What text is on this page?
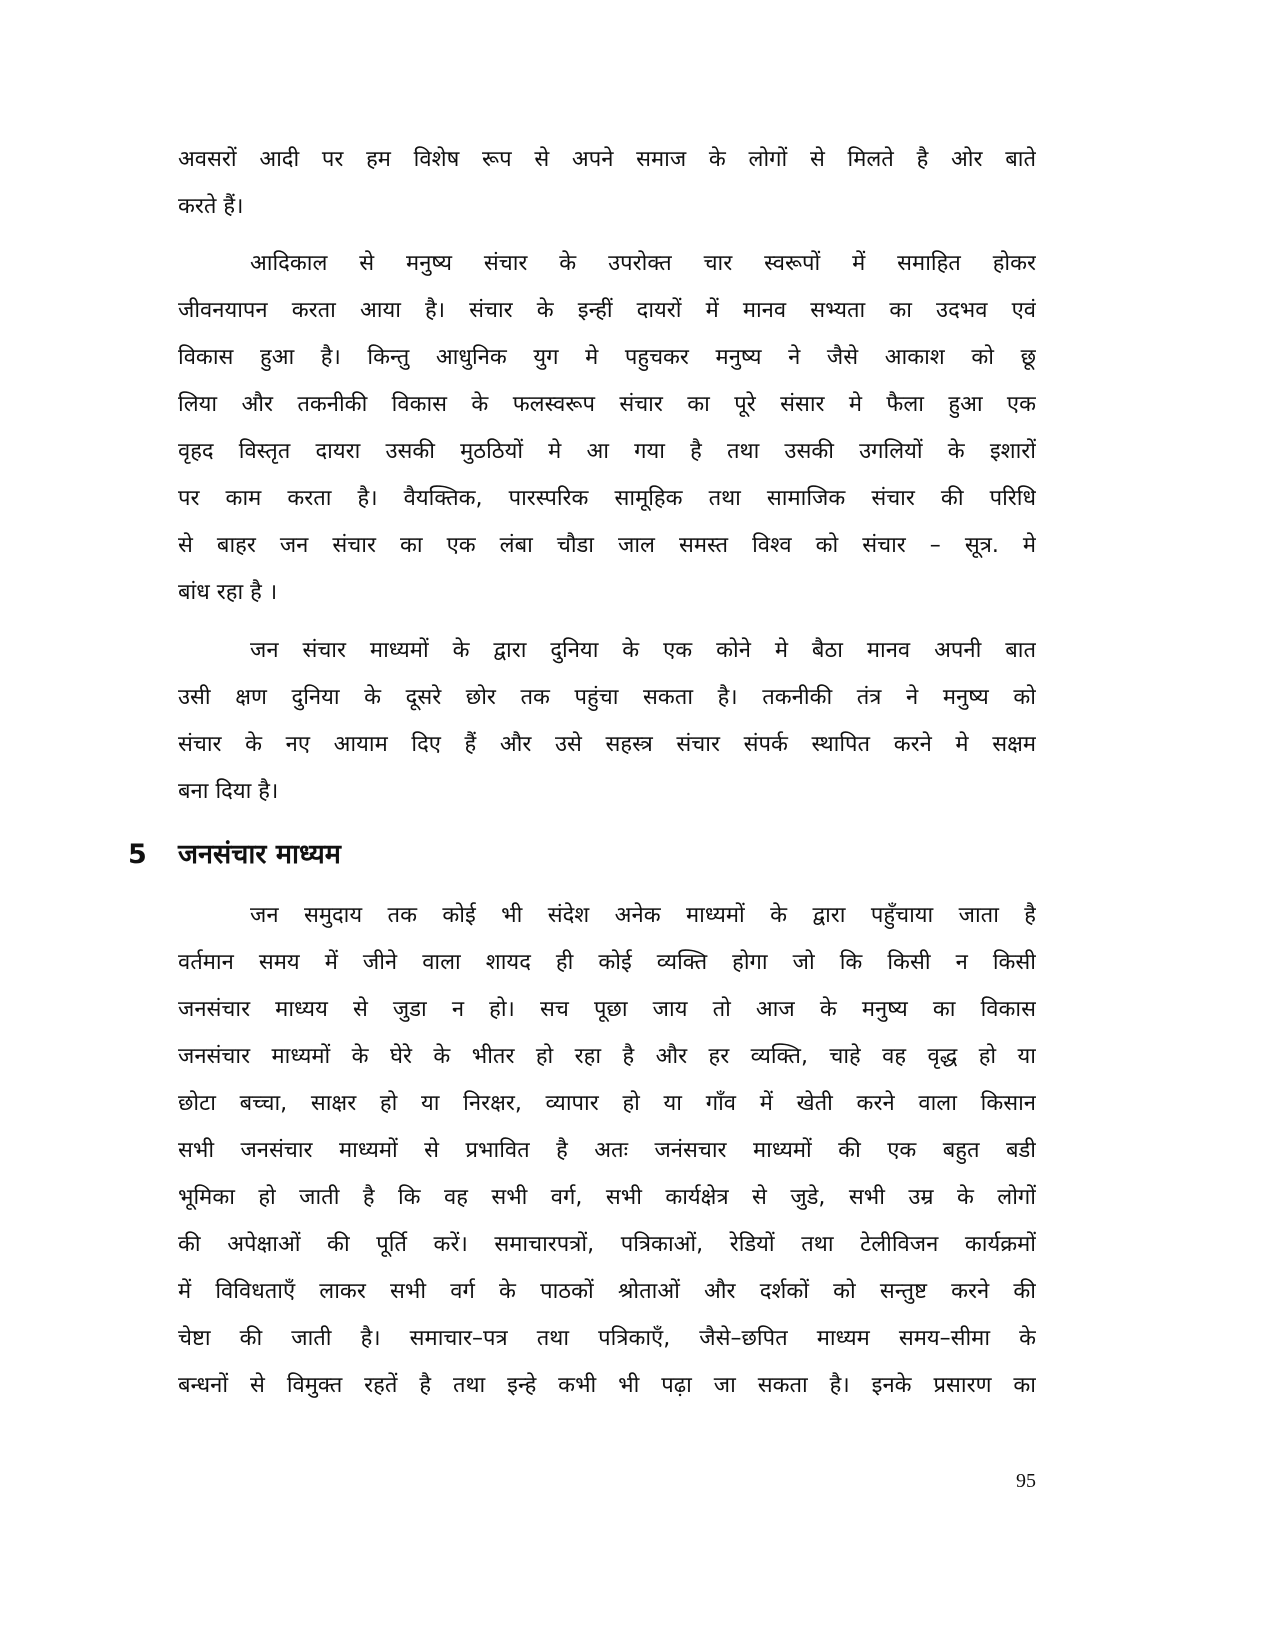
अवसरों आदी पर हम विशेष रूप से अपने समाज के लोगों से मिलते है ओर बाते
करते हैं।
आदिकाल से मनुष्य संचार के उपरोक्त चार स्वरूपों में समाहित होकर
जीवनयापन करता आया है। संचार के इन्हीं दायरों में मानव सभ्यता का उदभव एवं
विकास हुआ है। किन्तु आधुनिक युग मे पहुचकर मनुष्य ने जैसे आकाश को छू
लिया और तकनीकी विकास के फलस्वरूप संचार का पूरे संसार मे फैला हुआ एक
वृहद विस्तृत दायरा उसकी मुठठियों मे आ गया है तथा उसकी उगलियों के इशारों
पर काम करता है। वैयक्तिक, पारस्परिक सामूहिक तथा सामाजिक संचार की परिधि
से बाहर जन संचार का एक लंबा चौडा जाल समस्त विश्व को संचार – सूत्र. मे
बांध रहा है ।
जन संचार माध्यमों के द्वारा दुनिया के एक कोने मे बैठा मानव अपनी बात
उसी क्षण दुनिया के दूसरे छोर तक पहुंचा सकता है। तकनीकी तंत्र ने मनुष्य को
संचार के नए आयाम दिए हैं और उसे सहस्त्र संचार संपर्क स्थापित करने मे सक्षम
बना दिया है।
5 जनसंचार माध्यम
जन समुदाय तक कोई भी संदेश अनेक माध्यमों के द्वारा पहुँचाया जाता है
वर्तमान समय में जीने वाला शायद ही कोई व्यक्ति होगा जो कि किसी न किसी
जनसंचार माध्यय से जुडा न हो। सच पूछा जाय तो आज के मनुष्य का विकास
जनसंचार माध्यमों के घेरे के भीतर हो रहा है और हर व्यक्ति, चाहे वह वृद्ध हो या
छोटा बच्चा, साक्षर हो या निरक्षर, व्यापार हो या गाँव में खेती करने वाला किसान
सभी जनसंचार माध्यमों से प्रभावित है अतः जनंसचार माध्यमों की एक बहुत बडी
भूमिका हो जाती है कि वह सभी वर्ग, सभी कार्यक्षेत्र से जुडे, सभी उम्र के लोगों
की अपेक्षाओं की पूर्ति करें। समाचारपत्रों, पत्रिकाओं, रेडियों तथा टेलीविजन कार्यक्रमों
में विविधताएँ लाकर सभी वर्ग के पाठकों श्रोताओं और दर्शकों को सन्तुष्ट करने की
चेष्टा की जाती है। समाचार–पत्र तथा पत्रिकाएँ, जैसे–छपित माध्यम समय–सीमा के
बन्धनों से विमुक्त रहतें है तथा इन्हे कभी भी पढ़ा जा सकता है। इनके प्रसारण का
95
